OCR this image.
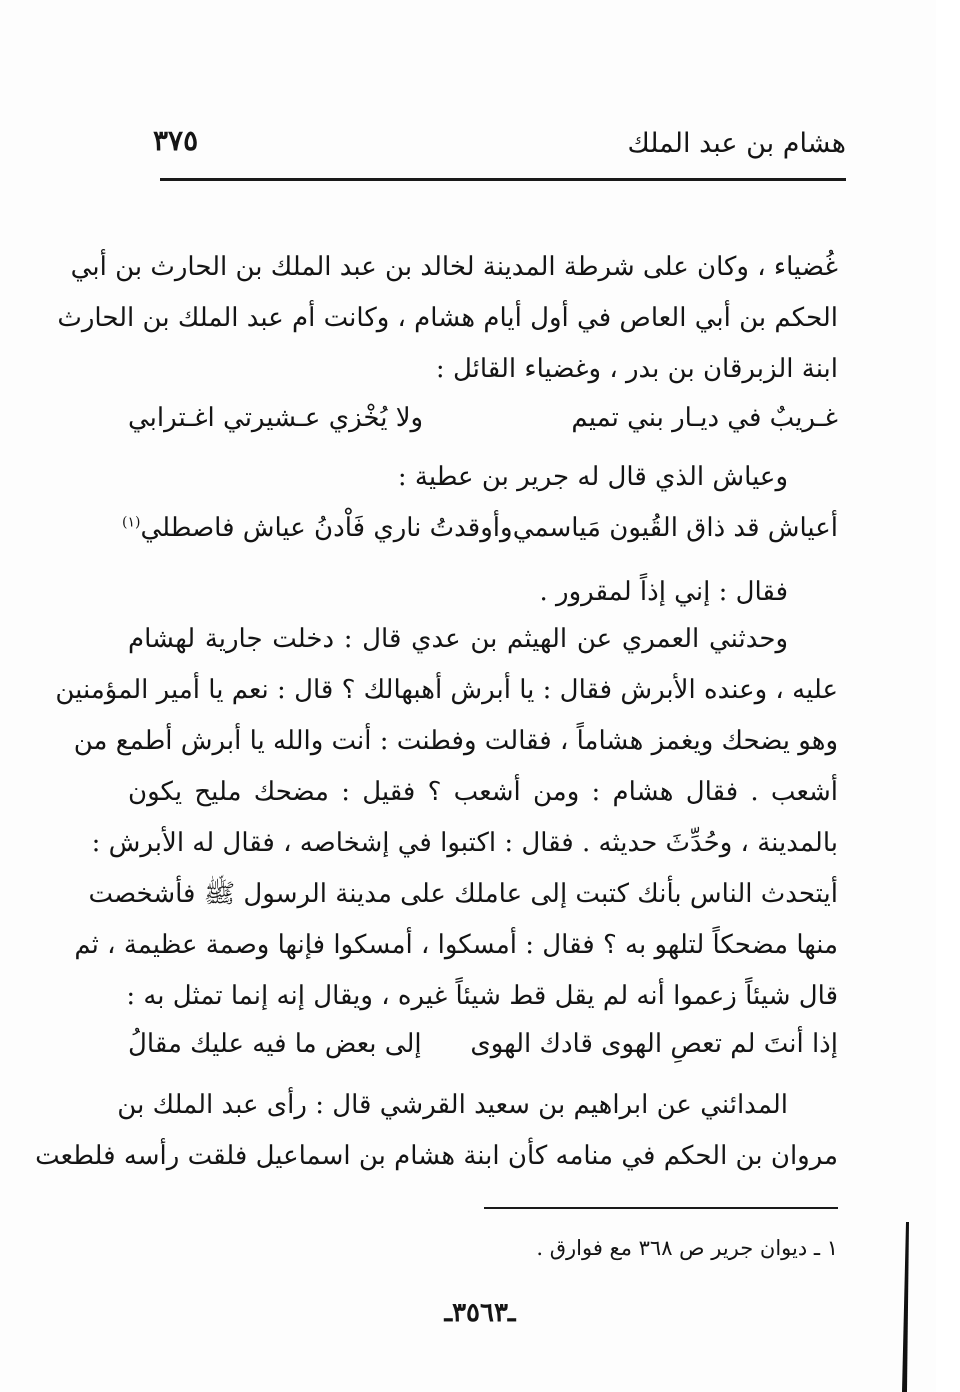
هشام بن عبد الملك
٣٧٥
غُضياء ، وكان على شرطة المدينة لخالد بن عبد الملك بن الحارث بن أبي
الحكم بن أبي العاص في أول أيام هشام ، وكانت أم عبد الملك بن الحارث
ابنة الزبرقان بن بدر ، وغضياء القائل :
غـريبٌ في ديـار بني تميم
ولا يُخْزي عـشيرتي اغـترابي
وعياش الذي قال له جرير بن عطية :
أعياش قد ذاق القُيون مَياسمي
وأوقدتُ ناري فَاْدنُ عياش فاصطلي$^{(١)}$
فقال : إني إذاً لمقرور .
وحدثني العمري عن الهيثم بن عدي قال : دخلت جارية لهشام
عليه ، وعنده الأبرش فقال : يا أبرش أهبهالك ؟ قال : نعم يا أمير المؤمنين
وهو يضحك ويغمز هشاماً ، فقالت وفطنت : أنت والله يا أبرش أطمع من
أشعب . فقال هشام : ومن أشعب ؟ فقيل : مضحك مليح يكون
بالمدينة ، وحُدِّثَ حديثه . فقال : اكتبوا في إشخاصه ، فقال له الأبرش :
أيتحدث الناس بأنك كتبت إلى عاملك على مدينة الرسول ﷺ فأشخصت
منها مضحكاً لتلهو به ؟ فقال : أمسكوا ، أمسكوا فإنها وصمة عظيمة ، ثم
قال شيئاً زعموا أنه لم يقل قط شيئاً غيره ، ويقال إنه إنما تمثل به :
إذا أنتَ لم تعصِ الهوى قادك الهوى
إلى بعض ما فيه عليك مقالُ
المدائني عن ابراهيم بن سعيد القرشي قال : رأى عبد الملك بن
مروان بن الحكم في منامه كأن ابنة هشام بن اسماعيل فلقت رأسه فلطعت
١ ـ ديوان جرير ص ٣٦٨ مع فوارق .
ـ٣٥٦٣ـ
